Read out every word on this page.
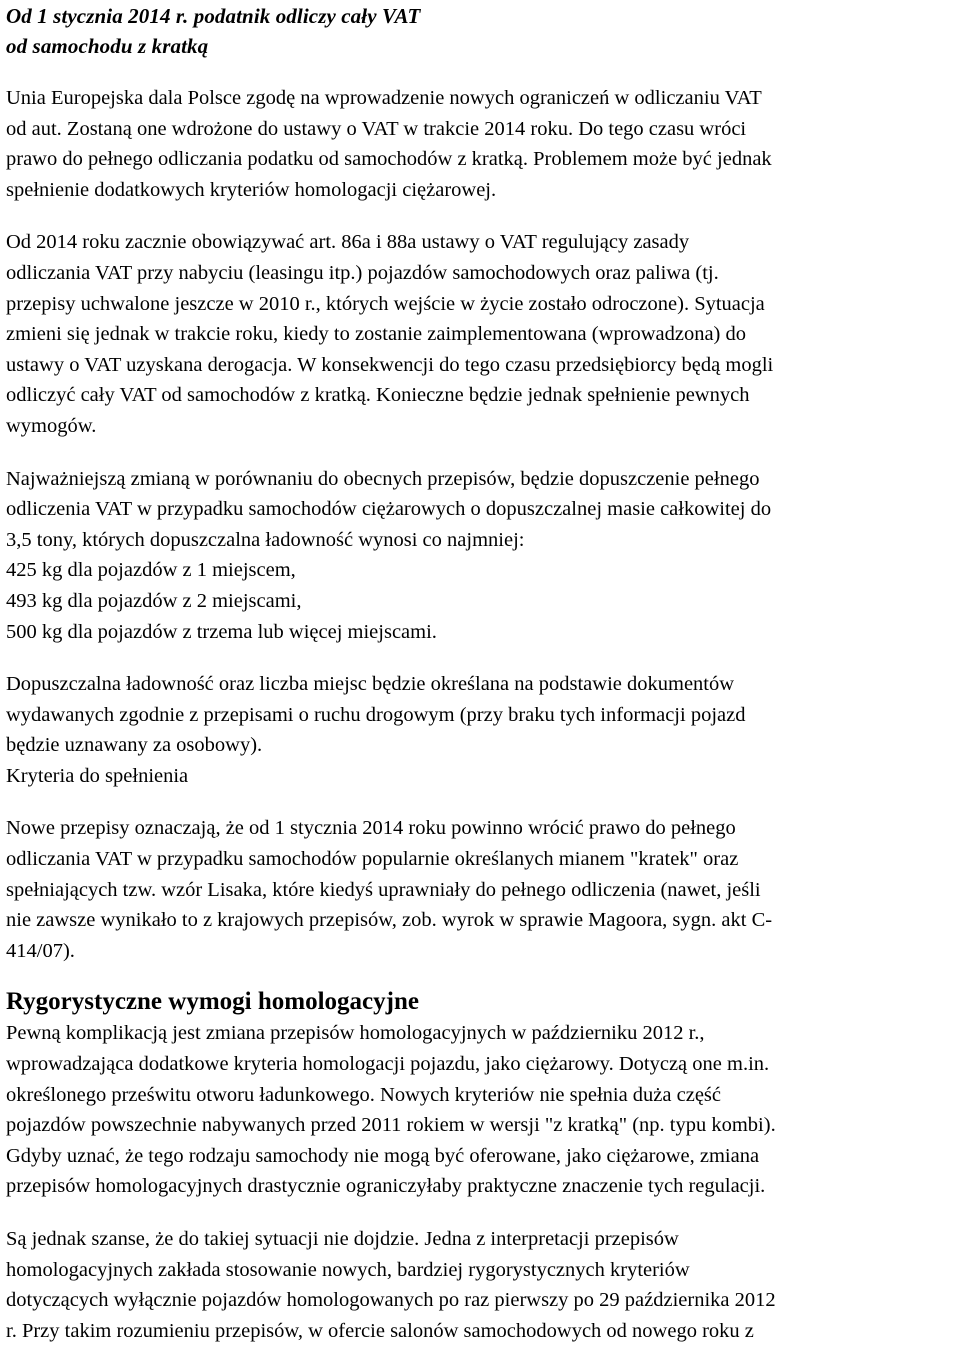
Od 1 stycznia 2014 r. podatnik odliczy cały VAT
od samochodu z kratką

Unia Europejska dala Polsce zgodę na wprowadzenie nowych ograniczeń w odliczaniu VAT
od aut. Zostaną one wdrożone do ustawy o VAT w trakcie 2014 roku. Do tego czasu wróci
prawo do pełnego odliczania podatku od samochodów z kratką. Problemem może być jednak
spełnienie dodatkowych kryteriów homologacji ciężarowej.

Od 2014 roku zacznie obowiązywać art. 86a i 88a ustawy o VAT regulujący zasady
odliczania VAT przy nabyciu (leasingu itp.) pojazdów samochodowych oraz paliwa (tj.
przepisy uchwalone jeszcze w 2010 r., których wejście w życie zostało odroczone). Sytuacja
zmieni się jednak w trakcie roku, kiedy to zostanie zaimplementowana (wprowadzona) do
ustawy o VAT uzyskana derogacja. W konsekwencji do tego czasu przedsiębiorcy będą mogli
odliczyć cały VAT od samochodów z kratką. Konieczne będzie jednak spełnienie pewnych
wymogów.

Najważniejszą zmianą w porównaniu do obecnych przepisów, będzie dopuszczenie pełnego
odliczenia VAT w przypadku samochodów ciężarowych o dopuszczalnej masie całkowitej do
3,5 tony, których dopuszczalna ładowność wynosi co najmniej:

425 kg dla pojazdów z 1 miejscem,
493 kg dla pojazdów z 2 miejscami,
500 kg dla pojazdów z trzema lub więcej miejscami.

Dopuszczalna ładowność oraz liczba miejsc będzie określana na podstawie dokumentów
wydawanych zgodnie z przepisami o ruchu drogowym (przy braku tych informacji pojazd
będzie uznawany za osobowy).

Kryteria do spełnienia

Nowe przepisy oznaczają, że od 1 stycznia 2014 roku powinno wrócić prawo do pełnego
odliczania VAT w przypadku samochodów popularnie określanych mianem "kratek" oraz
spełniających tzw. wzór Lisaka, które kiedyś uprawniały do pełnego odliczenia (nawet, jeśli
nie zawsze wynikało to z krajowych przepisów, zob. wyrok w sprawie Magoora, sygn. akt C-
414/07).

Rygorystyczne wymogi homologacyjne

Pewną komplikacją jest zmiana przepisów homologacyjnych w październiku 2012 r.,
wprowadzająca dodatkowe kryteria homologacji pojazdu, jako ciężarowy. Dotyczą one m.in.
określonego prześwitu otworu ładunkowego. Nowych kryteriów nie spełnia duża część
pojazdów powszechnie nabywanych przed 2011 rokiem w wersji "z kratką" (np. typu kombi).
Gdyby uznać, że tego rodzaju samochody nie mogą być oferowane, jako ciężarowe, zmiana
przepisów homologacyjnych drastycznie ograniczyłaby praktyczne znaczenie tych regulacji.

Są jednak szanse, że do takiej sytuacji nie dojdzie. Jedna z interpretacji przepisów
homologacyjnych zakłada stosowanie nowych, bardziej rygorystycznych kryteriów
dotyczących wyłącznie pojazdów homologowanych po raz pierwszy po 29 października 2012
r. Przy takim rozumieniu przepisów, w ofercie salonów samochodowych od nowego roku z
